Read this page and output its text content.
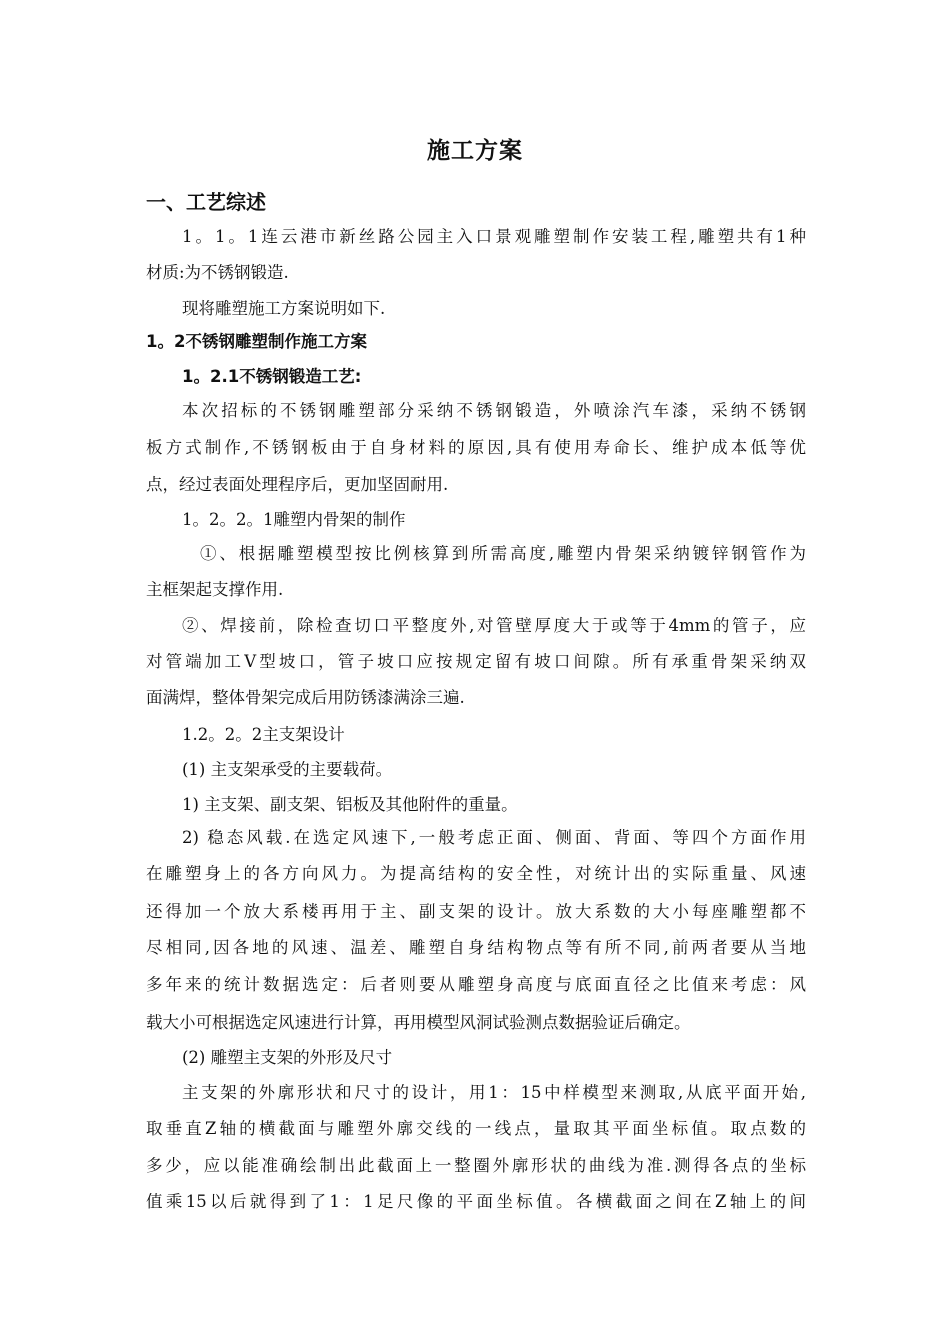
施工方案
一、工艺综述
1。1。1连云港市新丝路公园主入口景观雕塑制作安装工程,雕塑共有1种
材质:为不锈钢锻造.
现将雕塑施工方案说明如下.
1。2不锈钢雕塑制作施工方案
1。2.1不锈钢锻造工艺:
本次招标的不锈钢雕塑部分采纳不锈钢锻造，外喷涂汽车漆，采纳不锈钢
板方式制作,不锈钢板由于自身材料的原因,具有使用寿命长、维护成本低等优
点，经过表面处理程序后，更加坚固耐用.
1。2。2。1雕塑内骨架的制作
①、根据雕塑模型按比例核算到所需高度,雕塑内骨架采纳镀锌钢管作为
主框架起支撑作用.
②、焊接前，除检查切口平整度外,对管壁厚度大于或等于4mm的管子，应
对管端加工V型坡口，管子坡口应按规定留有坡口间隙。所有承重骨架采纳双
面满焊，整体骨架完成后用防锈漆满涂三遍.
1.2。2。2主支架设计
(1) 主支架承受的主要载荷。
1) 主支架、副支架、铝板及其他附件的重量。
2) 稳态风载.在选定风速下,一般考虑正面、侧面、背面、等四个方面作用
在雕塑身上的各方向风力。为提高结构的安全性，对统计出的实际重量、风速
还得加一个放大系楼再用于主、副支架的设计。放大系数的大小每座雕塑都不
尽相同,因各地的风速、温差、雕塑自身结构物点等有所不同,前两者要从当地
多年来的统计数据选定：后者则要从雕塑身高度与底面直径之比值来考虑：风
载大小可根据选定风速进行计算，再用模型风洞试验测点数据验证后确定。
(2) 雕塑主支架的外形及尺寸
主支架的外廓形状和尺寸的设计，用1：15中样模型来测取,从底平面开始,
取垂直Z轴的横截面与雕塑外廓交线的一线点，量取其平面坐标值。取点数的
多少，应以能准确绘制出此截面上一整圈外廓形状的曲线为准.测得各点的坐标
值乘15以后就得到了1：1足尺像的平面坐标值。各横截面之间在Z轴上的间
